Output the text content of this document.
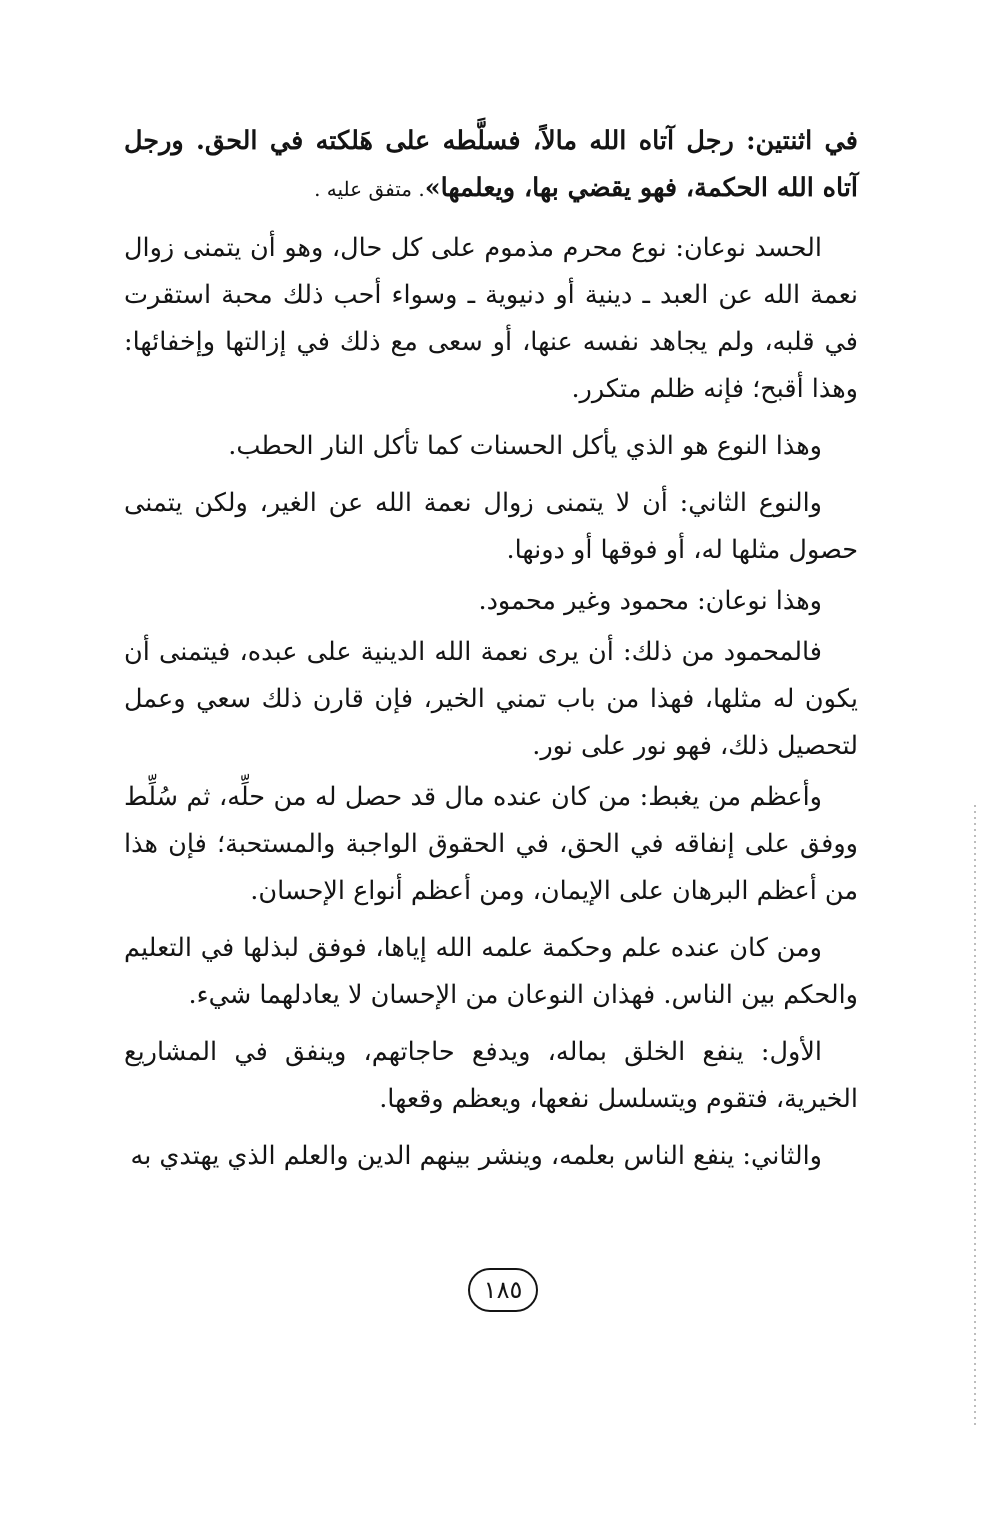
في اثنتين: رجل آتاه الله مالاً، فسلَّطه على هَلكته في الحق. ورجل آتاه الله الحكمة، فهو يقضي بها، ويعلمها». متفق عليه .

الحسد نوعان: نوع محرم مذموم على كل حال، وهو أن يتمنى زوال نعمة الله عن العبد ـ دينية أو دنيوية ـ وسواء أحب ذلك محبة استقرت في قلبه، ولم يجاهد نفسه عنها، أو سعى مع ذلك في إزالتها وإخفائها: وهذا أقبح؛ فإنه ظلم متكرر.

وهذا النوع هو الذي يأكل الحسنات كما تأكل النار الحطب.

والنوع الثاني: أن لا يتمنى زوال نعمة الله عن الغير، ولكن يتمنى حصول مثلها له، أو فوقها أو دونها.

وهذا نوعان: محمود وغير محمود.

فالمحمود من ذلك: أن يرى نعمة الله الدينية على عبده، فيتمنى أن يكون له مثلها، فهذا من باب تمني الخير، فإن قارن ذلك سعي وعمل لتحصيل ذلك، فهو نور على نور.

وأعظم من يغبط: من كان عنده مال قد حصل له من حلِّه، ثم سُلِّط ووفق على إنفاقه في الحق، في الحقوق الواجبة والمستحبة؛ فإن هذا من أعظم البرهان على الإيمان، ومن أعظم أنواع الإحسان.

ومن كان عنده علم وحكمة علمه الله إياها، فوفق لبذلها في التعليم والحكم بين الناس. فهذان النوعان من الإحسان لا يعادلهما شيء.

الأول: ينفع الخلق بماله، ويدفع حاجاتهم، وينفق في المشاريع الخيرية، فتقوم ويتسلسل نفعها، ويعظم وقعها.

والثاني: ينفع الناس بعلمه، وينشر بينهم الدين والعلم الذي يهتدي به

١٨٥
